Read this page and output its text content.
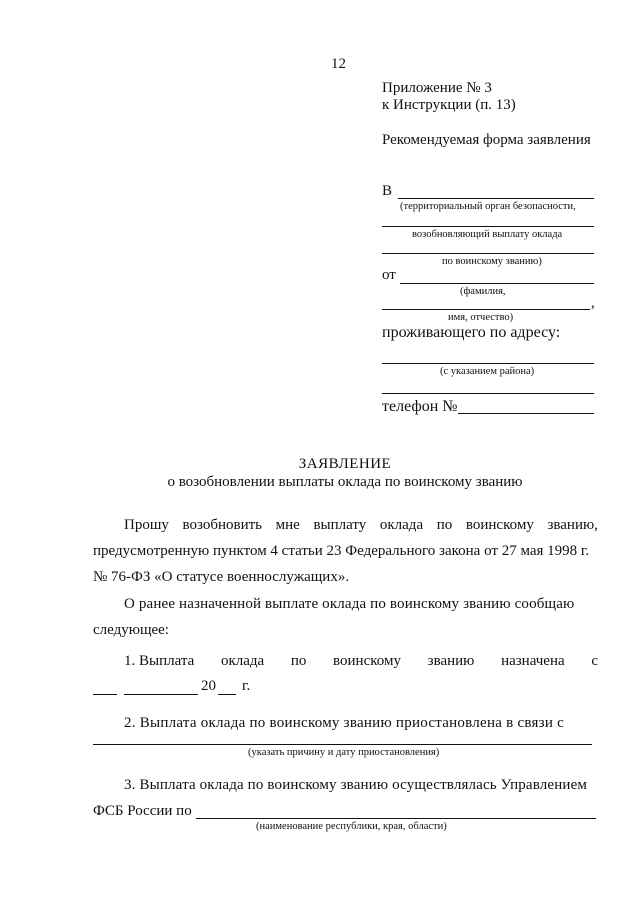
12
Приложение № 3
к Инструкции (п. 13)
Рекомендуемая форма заявления
В
(территориальный орган безопасности,
возобновляющий выплату оклада
по воинскому званию)
от
(фамилия,
,
имя, отчество)
проживающего по адресу:
(с указанием района)
телефон №
ЗАЯВЛЕНИЕ
о возобновлении выплаты оклада по воинскому званию
Прошу возобновить мне выплату оклада по воинскому званию,
предусмотренную пунктом 4 статьи 23 Федерального закона от 27 мая 1998 г.
№ 76-ФЗ «О статусе военнослужащих».
О ранее назначенной выплате оклада по воинскому званию сообщаю
следующее:
1. Выплата оклада по воинскому званию назначена с
20 г.
2. Выплата оклада по воинскому званию приостановлена в связи с
(указать причину и дату приостановления)
3. Выплата оклада по воинскому званию осуществлялась Управлением
ФСБ России по
(наименование республики, края, области)
